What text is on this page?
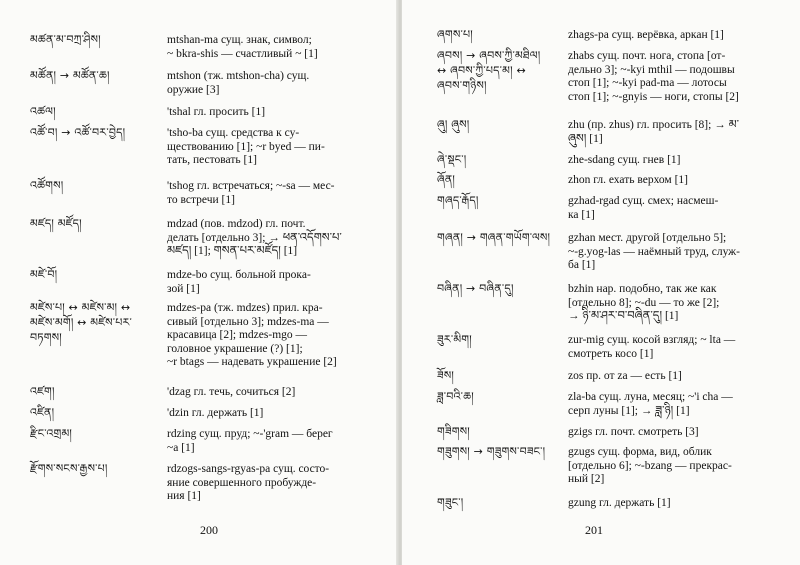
མཚན་མ་བཀྲ་ཤིས།	mtshan-ma сущ. знак, символ;
~ bkra-shis — счастливый ~ [1]
མཚོན། → མཚོན་ཆ།	mtshon (тж. mtshon-cha) сущ.
оружие [3]
འཚལ།	'tshal гл. просить [1]
འཚོ་བ། → འཚོ་བར་བྱེད།	'tsho-ba сущ. средства к су-
ществованию [1]; ~r byed — пи-
тать, пестовать [1]
འཚོགས།	'tshog гл. встречаться; ~-sa — мес-
то встречи [1]
མཛད། མཛོད།	mdzad (пов. mdzod) гл. почт.
делать [отдельно 3]; → ཕན་འདོགས་པ་
མཛད། [1]; གསན་པར་མཛོད། [1]
མཛེ་བོ།	mdze-bo сущ. больной прока-
зой [1]
མཛེས་པ། ↔ མཛེས་མ། ↔
མཛེས་མགོ། ↔ མཛེས་པར་
བཏགས།
mdzes-pa (тж. mdzes) прил. кра-
сивый [отдельно 3]; mdzes-ma —
красавица [2]; mdzes-mgo —
головное украшение (?) [1];
~r btags — надевать украшение [2]
འཛག།	'dzag гл. течь, сочиться [2]
འཛིན།	'dzin гл. держать [1]
རྫིང་འགྲམ།	rdzing сущ. пруд; ~-'gram — берег
~а [1]
རྫོགས་སངས་རྒྱས་པ།	rdzogs-sangs-rgyas-pa сущ. состо-
яние совершенного пробужде-
ния [1]
200
ཞགས་པ།	zhags-pa сущ. верёвка, аркан [1]
ཞབས། → ཞབས་ཀྱི་མཐིལ།
↔ ཞབས་ཀྱི་པད་མ། ↔
ཞབས་གཉིས།
zhabs сущ. почт. нога, стопа [от-
дельно 3]; ~-kyi mthil — подошвы
стоп [1]; ~-kyi pad-ma — лотосы
стоп [1]; ~-gnyis — ноги, стопы [2]
ཞུ། ཞུས།	zhu (пр. zhus) гл. просить [8]; → མ་
ཞུས། [1]
ཞེ་སྡང་།	zhe-sdang сущ. гнев [1]
ཞོན།	zhon гл. ехать верхом [1]
གཞད་རྒོད།	gzhad-rgad сущ. смех; насмеш-
ка [1]
གཞན། → གཞན་གཡོག་ལས། gzhan мест. другой [отдельно 5];
~-g.yog-las — наёмный труд, служ-
ба [1]
བཞིན། → བཞིན་དུ།	bzhin нар. подобно, так же как
[отдельно 8]; ~-du — то же [2];
→ ཉི་མ་ཤར་བ་བཞིན་དུ། [1]
ཟུར་མིག།	zur-mig сущ. косой взгляд; ~ lta —
смотреть косо [1]
ཟོས།	zos пр. от za — есть [1]
ཟླ་བའི་ཆ།	zla-ba сущ. луна, месяц; ~'i cha —
серп луны [1]; → ཟླ་ཉི། [1]
གཟིགས།	gzigs гл. почт. смотреть [3]
གཟུགས། → གཟུགས་བཟང་། gzugs сущ. форма, вид, облик
[отдельно 6]; ~-bzang — прекрас-
ный [2]
གཟུང་།	gzung гл. держать [1]
201
